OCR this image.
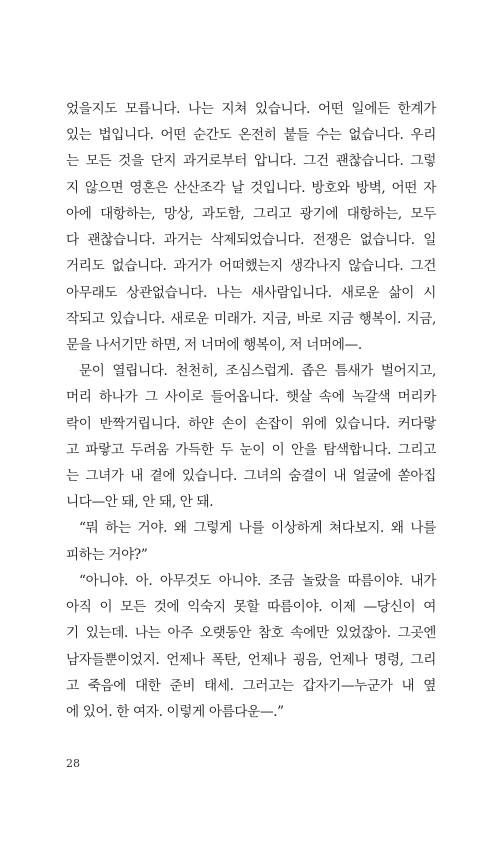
었을지도 모릅니다. 나는 지쳐 있습니다. 어떤 일에든 한계가
있는 법입니다. 어떤 순간도 온전히 붙들 수는 없습니다. 우리
는 모든 것을 단지 과거로부터 압니다. 그건 괜찮습니다. 그렇
지 않으면 영혼은 산산조각 날 것입니다. 방호와 방벽, 어떤 자
아에 대항하는, 망상, 과도함, 그리고 광기에 대항하는, 모두
다 괜찮습니다. 과거는 삭제되었습니다. 전쟁은 없습니다. 일
거리도 없습니다. 과거가 어떠했는지 생각나지 않습니다. 그건
아무래도 상관없습니다. 나는 새사람입니다. 새로운 삶이 시
작되고 있습니다. 새로운 미래가. 지금, 바로 지금 행복이. 지금,
문을 나서기만 하면, 저 너머에 행복이, 저 너머에—.
문이 열립니다. 천천히, 조심스럽게. 좁은 틈새가 벌어지고,
머리 하나가 그 사이로 들어옵니다. 햇살 속에 녹갈색 머리카
락이 반짝거립니다. 하얀 손이 손잡이 위에 있습니다. 커다랗
고 파랗고 두려움 가득한 두 눈이 이 안을 탐색합니다. 그리고
는 그녀가 내 곁에 있습니다. 그녀의 숨결이 내 얼굴에 쏟아집
니다—안 돼, 안 돼, 안 돼.
“뭐 하는 거야. 왜 그렇게 나를 이상하게 쳐다보지. 왜 나를
피하는 거야?”
“아니야. 아. 아무것도 아니야. 조금 놀랐을 따름이야. 내가
아직 이 모든 것에 익숙지 못할 따름이야. 이제 —당신이 여
기 있는데. 나는 아주 오랫동안 참호 속에만 있었잖아. 그곳엔
남자들뿐이었지. 언제나 폭탄, 언제나 굉음, 언제나 명령, 그리
고 죽음에 대한 준비 태세. 그러고는 갑자기—누군가 내 옆
에 있어. 한 여자. 이렇게 아름다운—.”
28
